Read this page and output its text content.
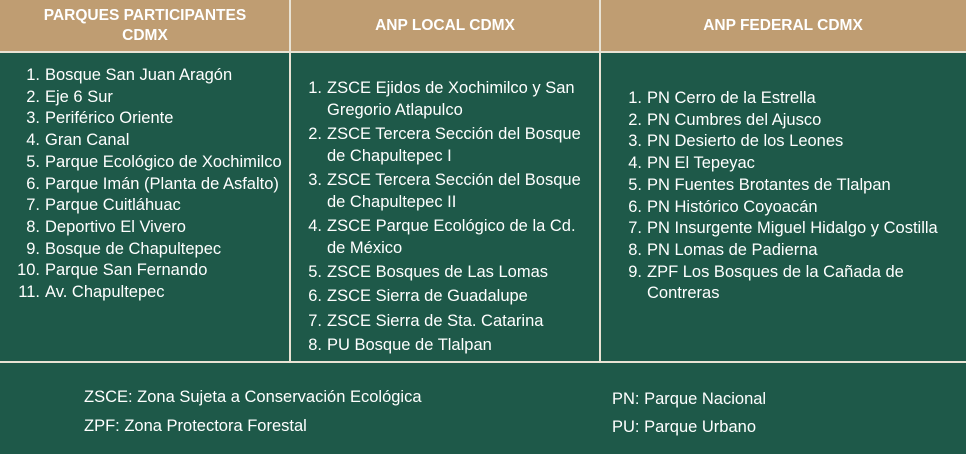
PARQUES PARTICIPANTES CDMX
ANP LOCAL CDMX	ANP FEDERAL CDMX
1. Bosque San Juan Aragón
2. Eje 6 Sur
3. Periférico Oriente
4. Gran Canal
5. Parque Ecológico de Xochimilco
6. Parque Imán (Planta de Asfalto)
7. Parque Cuitláhuac
8. Deportivo El Vivero
9. Bosque de Chapultepec
10. Parque San Fernando
11. Av. Chapultepec
1. ZSCE Ejidos de Xochimilco y San Gregorio Atlapulco
2. ZSCE Tercera Sección del Bosque de Chapultepec I
3. ZSCE Tercera Sección del Bosque de Chapultepec II
4. ZSCE Parque Ecológico de la Cd. de México
5. ZSCE Bosques de Las Lomas
6. ZSCE Sierra de Guadalupe
7. ZSCE Sierra de Sta. Catarina
8. PU Bosque de Tlalpan
1. PN Cerro de la Estrella
2. PN Cumbres del Ajusco
3. PN Desierto de los Leones
4. PN El Tepeyac
5. PN Fuentes Brotantes de Tlalpan
6. PN Histórico Coyoacán
7. PN Insurgente Miguel Hidalgo y Costilla
8. PN Lomas de Padierna
9. ZPF Los Bosques de la Cañada de Contreras
ZSCE: Zona Sujeta a Conservación Ecológica
ZPF: Zona Protectora Forestal
PN: Parque Nacional
PU: Parque Urbano
